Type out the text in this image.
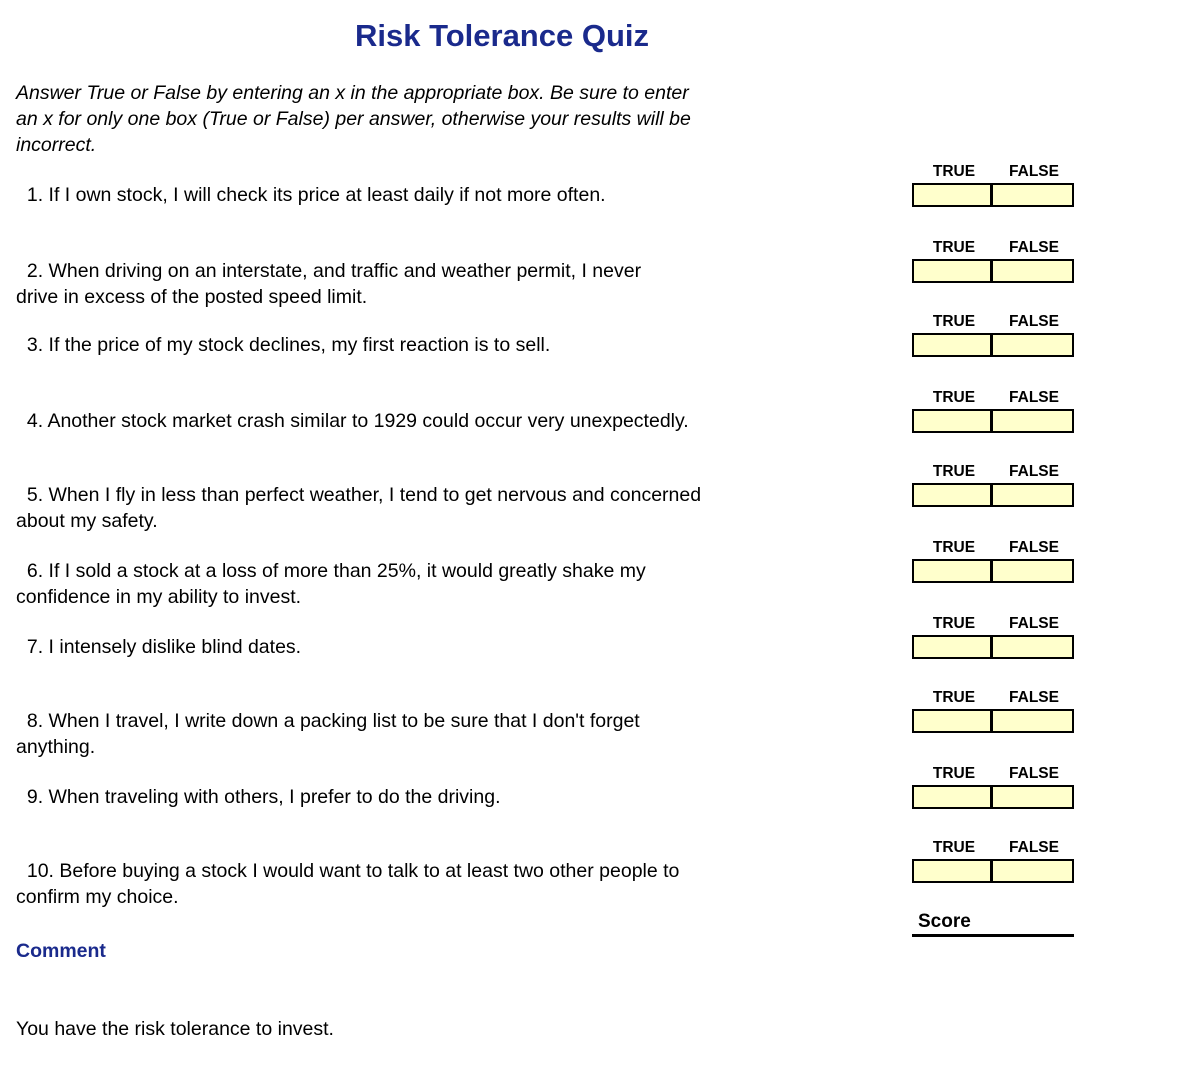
Risk Tolerance Quiz
Answer True or False by entering an x in the appropriate box. Be sure to enter an x for only one box (True or False) per answer, otherwise your results will be incorrect.
1. If I own stock, I will check its price at least daily if not more often.
TRUE	FALSE
2. When driving on an interstate, and traffic and weather permit, I never
drive in excess of the posted speed limit.
TRUE	FALSE
3. If the price of my stock declines, my first reaction is to sell.
TRUE	FALSE
4. Another stock market crash similar to 1929 could occur very unexpectedly.
TRUE	FALSE
5. When I fly in less than perfect weather, I tend to get nervous and concerned
about my safety.
TRUE	FALSE
6. If I sold a stock at a loss of more than 25%, it would greatly shake my
confidence in my ability to invest.
TRUE	FALSE
7. I intensely dislike blind dates.
TRUE	FALSE
8. When I travel, I write down a packing list to be sure that I don't forget
anything.
TRUE	FALSE
9. When traveling with others, I prefer to do the driving.
TRUE	FALSE
10. Before buying a stock I would want to talk to at least two other people to
confirm my choice.
TRUE	FALSE
Score
Comment
You have the risk tolerance to invest.
